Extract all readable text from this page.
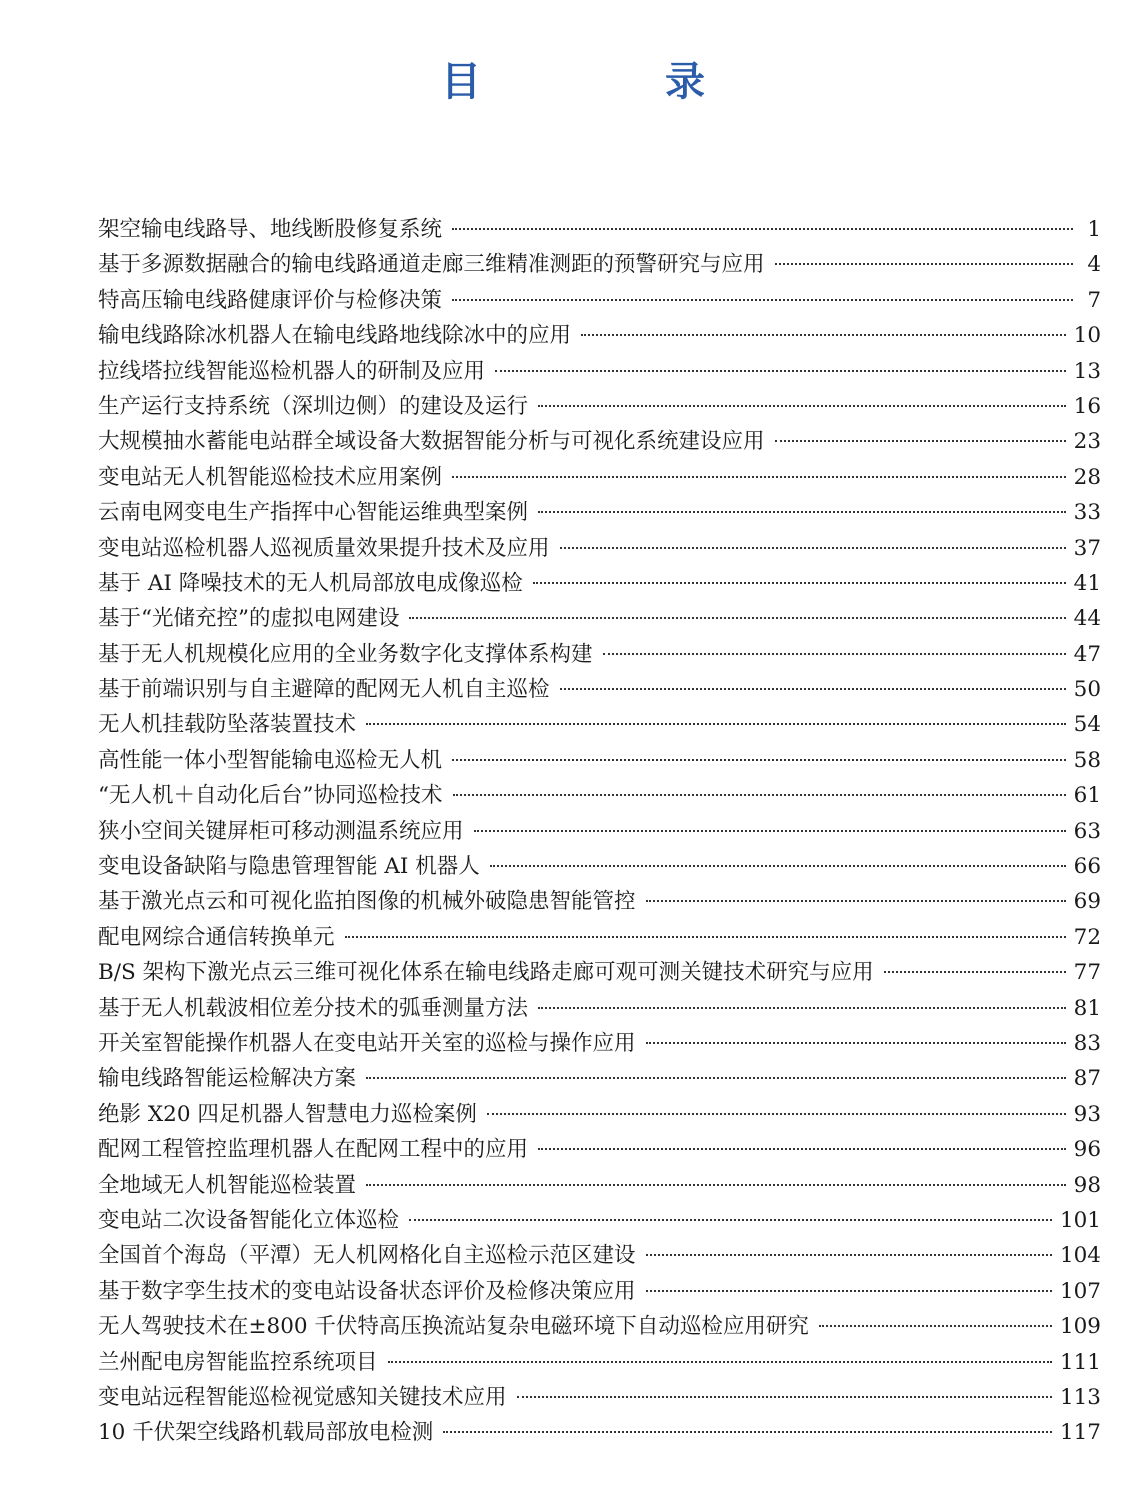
目　录
架空输电线路导、地线断股修复系统	1
基于多源数据融合的输电线路通道走廊三维精准测距的预警研究与应用	4
特高压输电线路健康评价与检修决策	7
输电线路除冰机器人在输电线路地线除冰中的应用	10
拉线塔拉线智能巡检机器人的研制及应用	13
生产运行支持系统（深圳边侧）的建设及运行	16
大规模抽水蓄能电站群全域设备大数据智能分析与可视化系统建设应用	23
变电站无人机智能巡检技术应用案例	28
云南电网变电生产指挥中心智能运维典型案例	33
变电站巡检机器人巡视质量效果提升技术及应用	37
基于 AI 降噪技术的无人机局部放电成像巡检	41
基于“光储充控”的虚拟电网建设	44
基于无人机规模化应用的全业务数字化支撑体系构建	47
基于前端识别与自主避障的配网无人机自主巡检	50
无人机挂载防坠落装置技术	54
高性能一体小型智能输电巡检无人机	58
“无人机＋自动化后台”协同巡检技术	61
狭小空间关键屏柜可移动测温系统应用	63
变电设备缺陷与隐患管理智能 AI 机器人	66
基于激光点云和可视化监拍图像的机械外破隐患智能管控	69
配电网综合通信转换单元	72
B/S 架构下激光点云三维可视化体系在输电线路走廊可观可测关键技术研究与应用	77
基于无人机载波相位差分技术的弧垂测量方法	81
开关室智能操作机器人在变电站开关室的巡检与操作应用	83
输电线路智能运检解决方案	87
绝影 X20 四足机器人智慧电力巡检案例	93
配网工程管控监理机器人在配网工程中的应用	96
全地域无人机智能巡检装置	98
变电站二次设备智能化立体巡检	101
全国首个海岛（平潭）无人机网格化自主巡检示范区建设	104
基于数字孪生技术的变电站设备状态评价及检修决策应用	107
无人驾驶技术在±800 千伏特高压换流站复杂电磁环境下自动巡检应用研究	109
兰州配电房智能监控系统项目	111
变电站远程智能巡检视觉感知关键技术应用	113
10 千伏架空线路机载局部放电检测	117
